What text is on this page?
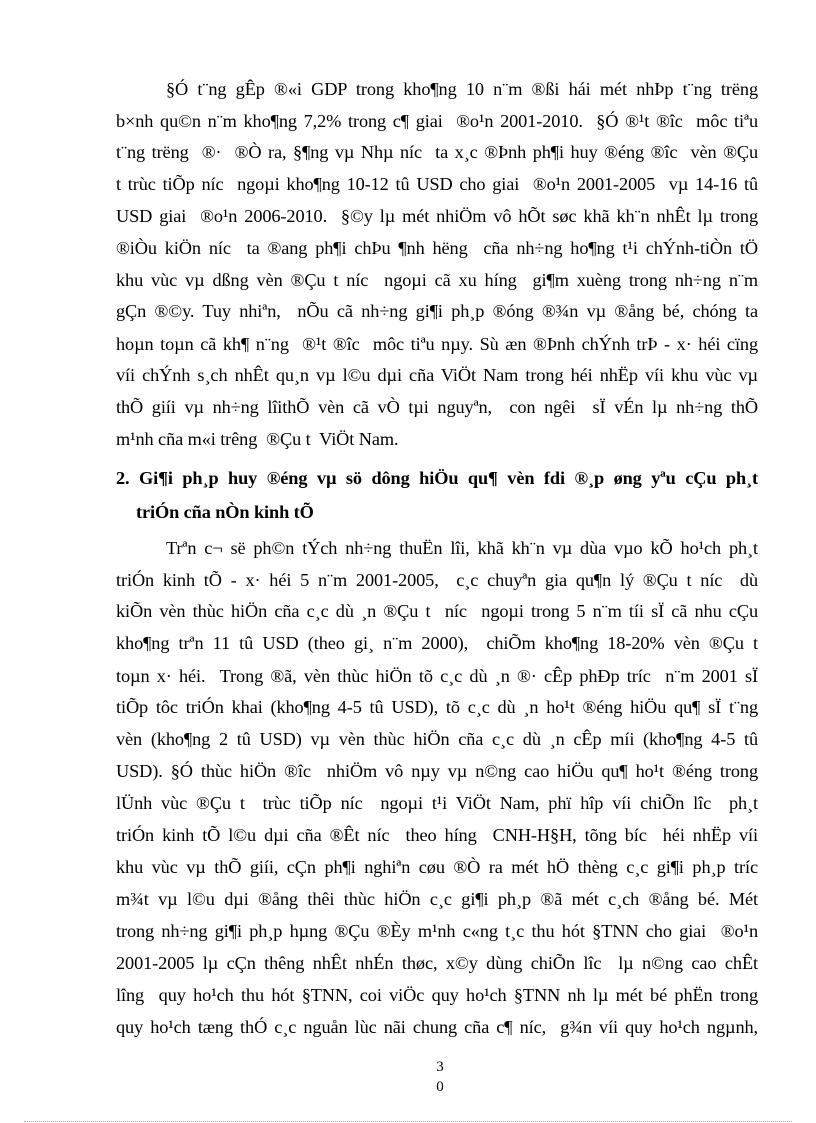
§Ó t¨ng gÊp ®«i GDP trong kho¶ng 10 n¨m ®ßi hái mét nhÞp t¨ng trëng
b×nh qu©n n¨m kho¶ng 7,2% trong c¶ giai  ®o¹n 2001-2010.  §Ó ®¹t ®îc  môc tiªu
t¨ng trëng  ®·  ®Ò ra, §¶ng vµ Nhµ níc  ta x¸c ®Þnh ph¶i huy ®éng ®îc  vèn ®Çu
t trùc tiÕp níc  ngoµi kho¶ng 10-12 tû USD cho giai  ®o¹n 2001-2005  vµ 14-16 tû
USD giai  ®o¹n 2006-2010.  §©y lµ mét nhiÖm vô hÕt søc khã kh¨n nhÊt lµ trong
®iÒu kiÖn níc  ta ®ang ph¶i chÞu ¶nh hëng  cña nh÷ng ho¶ng t¹i chÝnh-tiÒn tÖ
khu vùc vµ dßng vèn ®Çu t níc  ngoµi cã xu híng  gi¶m xuèng trong nh÷ng n¨m
gÇn ®©y. Tuy nhiªn,  nÕu cã nh÷ng gi¶i ph¸p ®óng ®¾n vµ ®ång bé, chóng ta
hoµn toµn cã kh¶ n¨ng  ®¹t ®îc  môc tiªu nµy. Sù æn ®Þnh chÝnh trÞ - x· héi cïng
víi chÝnh s¸ch nhÊt qu¸n vµ l©u dµi cña ViÖt Nam trong héi nhËp víi khu vùc vµ
thÕ giíi vµ nh÷ng lîithÕ vèn cã vÒ tµi nguyªn,  con ngêi  sÏ vÉn lµ nh÷ng thÕ
m¹nh cña m«i trêng  ®Çu t  ViÖt Nam.
2. Gi¶i ph¸p huy ®éng vµ sö dông hiÖu qu¶ vèn fdi ®¸p øng yªu cÇu ph¸t
triÓn cña nÒn kinh tÕ
Trªn c¬ së ph©n tÝch nh÷ng thuËn lîi, khã kh¨n vµ dùa vµo kÕ ho¹ch ph¸t
triÓn kinh tÕ - x· héi 5 n¨m 2001-2005,  c¸c chuyªn gia qu¶n lý ®Çu t níc  dù
kiÕn vèn thùc hiÖn cña c¸c dù ¸n ®Çu t  níc  ngoµi trong 5 n¨m tíi sÏ cã nhu cÇu
kho¶ng trªn 11 tû USD (theo gi¸ n¨m 2000),  chiÕm kho¶ng 18-20% vèn ®Çu t
toµn x· héi.  Trong ®ã, vèn thùc hiÖn tõ c¸c dù ¸n ®· cÊp phÐp tríc  n¨m 2001 sÏ
tiÕp tôc triÓn khai (kho¶ng 4-5 tû USD), tõ c¸c dù ¸n ho¹t ®éng hiÖu qu¶ sÏ t¨ng
vèn (kho¶ng 2 tû USD) vµ vèn thùc hiÖn cña c¸c dù ¸n cÊp míi (kho¶ng 4-5 tû
USD). §Ó thùc hiÖn ®îc  nhiÖm vô nµy vµ n©ng cao hiÖu qu¶ ho¹t ®éng trong
lÜnh vùc ®Çu t  trùc tiÕp níc  ngoµi t¹i ViÖt Nam, phï hîp víi chiÕn lîc  ph¸t
triÓn kinh tÕ l©u dµi cña ®Êt níc  theo híng  CNH-H§H, tõng bíc  héi nhËp víi
khu vùc vµ thÕ giíi, cÇn ph¶i nghiªn cøu ®Ò ra mét hÖ thèng c¸c gi¶i ph¸p tríc
m¾t vµ l©u dµi ®ång thêi thùc hiÖn c¸c gi¶i ph¸p ®ã mét c¸ch ®ång bé. Mét
trong nh÷ng gi¶i ph¸p hµng ®Çu ®Èy m¹nh c«ng t¸c thu hót §TNN cho giai  ®o¹n
2001-2005 lµ cÇn thêng nhÊt nhÉn thøc, x©y dùng chiÕn lîc  lµ n©ng cao chÊt
lîng  quy ho¹ch thu hót §TNN, coi viÖc quy ho¹ch §TNN nh lµ mét bé phËn trong
quy ho¹ch tæng thÓ c¸c nguån lùc nãi chung cña c¶ níc,  g¾n víi quy ho¹ch ngµnh,
3
0
